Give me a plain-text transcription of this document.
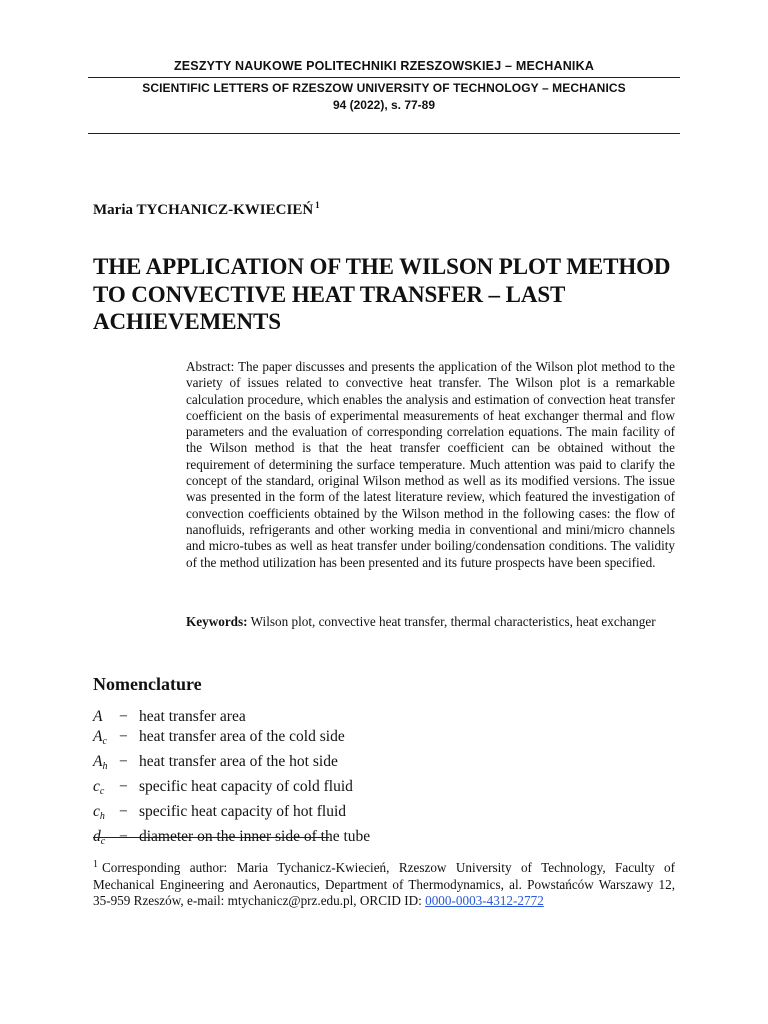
ZESZYTY NAUKOWE POLITECHNIKI RZESZOWSKIEJ – MECHANIKA
SCIENTIFIC LETTERS OF RZESZOW UNIVERSITY OF TECHNOLOGY – MECHANICS
94 (2022), s. 77-89
Maria TYCHANICZ-KWIECIEŃ $^1$
THE APPLICATION OF THE WILSON PLOT METHOD TO CONVECTIVE HEAT TRANSFER – LAST ACHIEVEMENTS
Abstract: The paper discusses and presents the application of the Wilson plot method to the variety of issues related to convective heat transfer. The Wilson plot is a remarkable calculation procedure, which enables the analysis and estimation of convection heat transfer coefficient on the basis of experimental measurements of heat exchanger thermal and flow parameters and the evaluation of corresponding correlation equations. The main facility of the Wilson method is that the heat transfer coefficient can be obtained without the requirement of determining the surface temperature. Much attention was paid to clarify the concept of the standard, original Wilson method as well as its modified versions. The issue was presented in the form of the latest literature review, which featured the investigation of convection coefficients obtained by the Wilson method in the following cases: the flow of nanofluids, refrigerants and other working media in conventional and mini/micro channels and micro-tubes as well as heat transfer under boiling/condensation conditions. The validity of the method utilization has been presented and its future prospects have been specified.
Keywords: Wilson plot, convective heat transfer, thermal characteristics, heat exchanger
Nomenclature
A	− heat transfer area
$A_c$ − heat transfer area of the cold side
$A_h$ − heat transfer area of the hot side
$c_c$ − specific heat capacity of cold fluid
$c_h$ − specific heat capacity of hot fluid
$d_c$ − diameter on the inner side of the tube
$^1$ Corresponding author: Maria Tychanicz-Kwiecień, Rzeszow University of Technology, Faculty of Mechanical Engineering and Aeronautics, Department of Thermodynamics, al. Powstańców Warszawy 12, 35-959 Rzeszów, e-mail: mtychanicz@prz.edu.pl, ORCID ID: 0000-0003-4312-2772
